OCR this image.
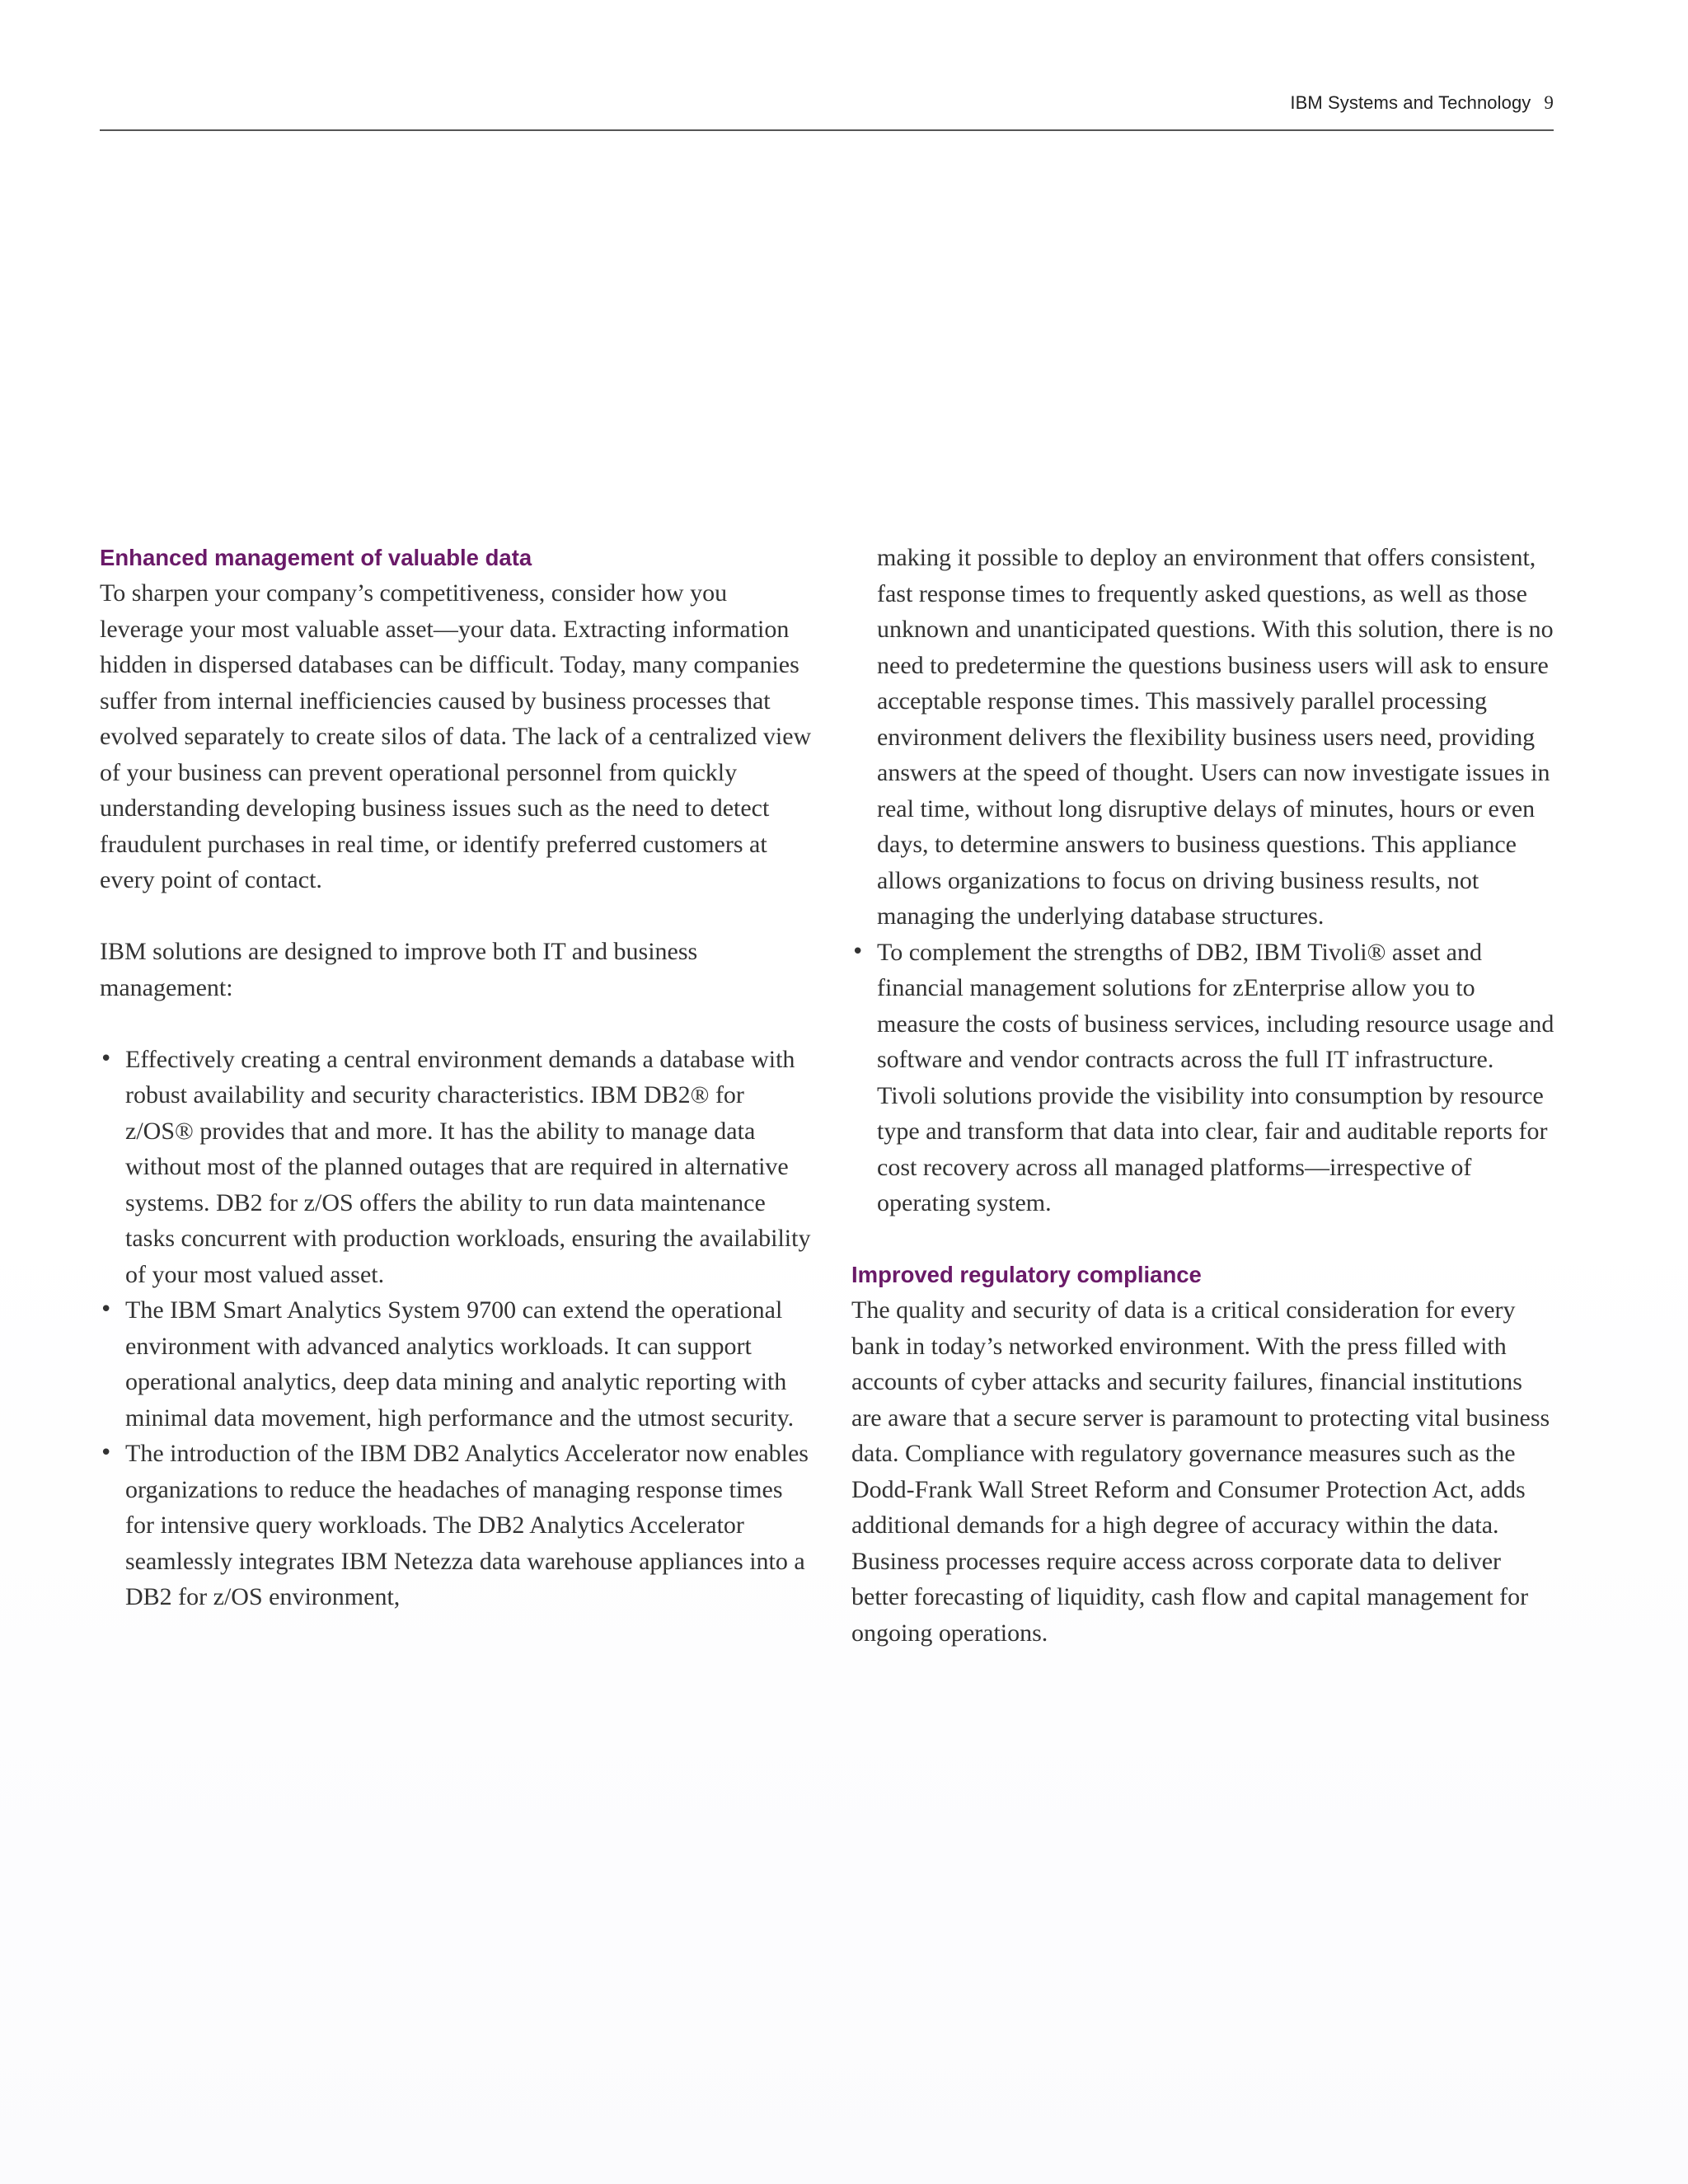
IBM Systems and Technology 9
Enhanced management of valuable data

To sharpen your company’s competitiveness, consider how you leverage your most valuable asset—your data. Extracting information hidden in dispersed databases can be difficult. Today, many companies suffer from internal inefficiencies caused by business processes that evolved separately to create silos of data. The lack of a centralized view of your business can prevent operational personnel from quickly understanding developing business issues such as the need to detect fraudulent purchases in real time, or identify preferred customers at every point of contact.

IBM solutions are designed to improve both IT and business management:

• Effectively creating a central environment demands a database with robust availability and security characteristics. IBM DB2® for z/OS® provides that and more. It has the ability to manage data without most of the planned outages that are required in alternative systems. DB2 for z/OS offers the ability to run data maintenance tasks concurrent with production workloads, ensuring the availability of your most valued asset.
• The IBM Smart Analytics System 9700 can extend the operational environment with advanced analytics workloads. It can support operational analytics, deep data mining and analytic reporting with minimal data movement, high performance and the utmost security.
• The introduction of the IBM DB2 Analytics Accelerator now enables organizations to reduce the headaches of managing response times for intensive query workloads. The DB2 Analytics Accelerator seamlessly integrates IBM Netezza data warehouse appliances into a DB2 for z/OS environment,

making it possible to deploy an environment that offers consistent, fast response times to frequently asked questions, as well as those unknown and unanticipated questions. With this solution, there is no need to predetermine the questions business users will ask to ensure acceptable response times. This massively parallel processing environment delivers the flexibility business users need, providing answers at the speed of thought. Users can now investigate issues in real time, without long disruptive delays of minutes, hours or even days, to determine answers to business questions. This appliance allows organizations to focus on driving business results, not managing the underlying database structures.

• To complement the strengths of DB2, IBM Tivoli® asset and financial management solutions for zEnterprise allow you to measure the costs of business services, including resource usage and software and vendor contracts across the full IT infrastructure. Tivoli solutions provide the visibility into consumption by resource type and transform that data into clear, fair and auditable reports for cost recovery across all managed platforms—irrespective of operating system.
Improved regulatory compliance

The quality and security of data is a critical consideration for every bank in today’s networked environment. With the press filled with accounts of cyber attacks and security failures, financial institutions are aware that a secure server is paramount to protecting vital business data. Compliance with regulatory governance measures such as the Dodd-Frank Wall Street Reform and Consumer Protection Act, adds additional demands for a high degree of accuracy within the data. Business processes require access across corporate data to deliver better forecasting of liquidity, cash flow and capital management for ongoing operations.
